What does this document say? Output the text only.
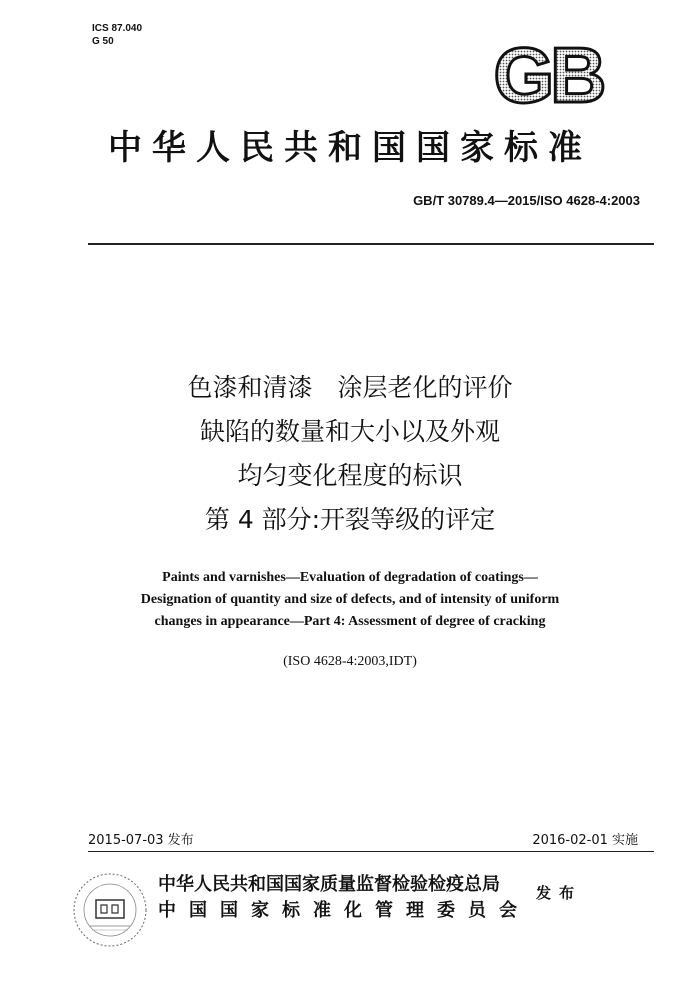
ICS 87.040
G 50	GB
中华人民共和国国家标准
GB/T 30789.4—2015/ISO 4628-4:2003
色漆和清漆　涂层老化的评价
缺陷的数量和大小以及外观
均匀变化程度的标识
第 4 部分:开裂等级的评定
Paints and varnishes—Evaluation of degradation of coatings—
Designation of quantity and size of defects, and of intensity of uniform
changes in appearance—Part 4: Assessment of degree of cracking
(ISO 4628-4:2003,IDT)
2015-07-03 发布	2016-02-01 实施
中华人民共和国国家质量监督检验检疫总局
中国国家标准化管理委员会
发布
